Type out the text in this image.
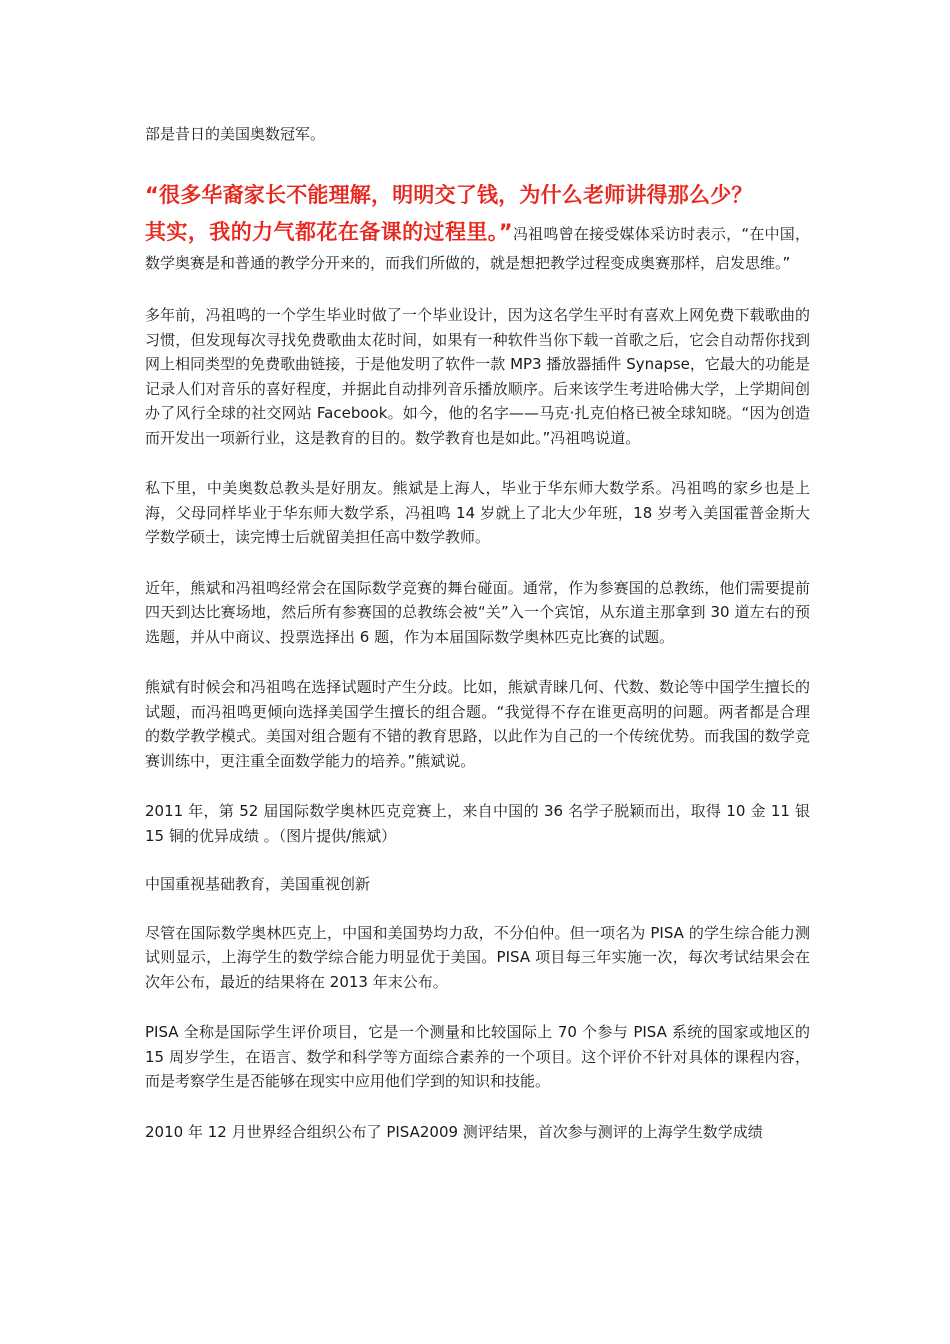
部是昔日的美国奥数冠军。

“很多华裔家长不能理解，明明交了钱，为什么老师讲得那么少？
其实，我的力气都花在备课的过程里。”冯祖鸣曾在接受媒体采访时表示，“在中国，数学奥赛是和普通的教学分开来的，而我们所做的，就是想把教学过程变成奥赛那样，启发思维。”

多年前，冯祖鸣的一个学生毕业时做了一个毕业设计，因为这名学生平时有喜欢上网免费下载歌曲的习惯，但发现每次寻找免费歌曲太花时间，如果有一种软件当你下载一首歌之后，它会自动帮你找到网上相同类型的免费歌曲链接，于是他发明了软件一款 MP3 播放器插件 Synapse，它最大的功能是记录人们对音乐的喜好程度，并据此自动排列音乐播放顺序。后来该学生考进哈佛大学，上学期间创办了风行全球的社交网站 Facebook。如今，他的名字——马克·扎克伯格已被全球知晓。“因为创造而开发出一项新行业，这是教育的目的。数学教育也是如此。”冯祖鸣说道。

私下里，中美奥数总教头是好朋友。熊斌是上海人，毕业于华东师大数学系。冯祖鸣的家乡也是上海，父母同样毕业于华东师大数学系，冯祖鸣 14 岁就上了北大少年班，18 岁考入美国霍普金斯大学数学硕士，读完博士后就留美担任高中数学教师。

近年，熊斌和冯祖鸣经常会在国际数学竞赛的舞台碰面。通常，作为参赛国的总教练，他们需要提前四天到达比赛场地，然后所有参赛国的总教练会被“关”入一个宾馆，从东道主那拿到 30 道左右的预选题，并从中商议、投票选择出 6 题，作为本届国际数学奥林匹克比赛的试题。

熊斌有时候会和冯祖鸣在选择试题时产生分歧。比如，熊斌青睐几何、代数、数论等中国学生擅长的试题，而冯祖鸣更倾向选择美国学生擅长的组合题。“我觉得不存在谁更高明的问题。两者都是合理的数学教学模式。美国对组合题有不错的教育思路，以此作为自己的一个传统优势。而我国的数学竞赛训练中，更注重全面数学能力的培养。”熊斌说。

2011 年，第 52 届国际数学奥林匹克竞赛上，来自中国的 36 名学子脱颖而出，取得 10 金 11 银 15 铜的优异成绩 。（图片提供/熊斌）

中国重视基础教育，美国重视创新

尽管在国际数学奥林匹克上，中国和美国势均力敌，不分伯仲。但一项名为 PISA 的学生综合能力测试则显示，上海学生的数学综合能力明显优于美国。PISA 项目每三年实施一次，每次考试结果会在次年公布，最近的结果将在 2013 年末公布。

PISA 全称是国际学生评价项目，它是一个测量和比较国际上 70 个参与 PISA 系统的国家或地区的 15 周岁学生，在语言、数学和科学等方面综合素养的一个项目。这个评价不针对具体的课程内容，而是考察学生是否能够在现实中应用他们学到的知识和技能。

2010 年 12 月世界经合组织公布了 PISA2009 测评结果，首次参与测评的上海学生数学成绩
